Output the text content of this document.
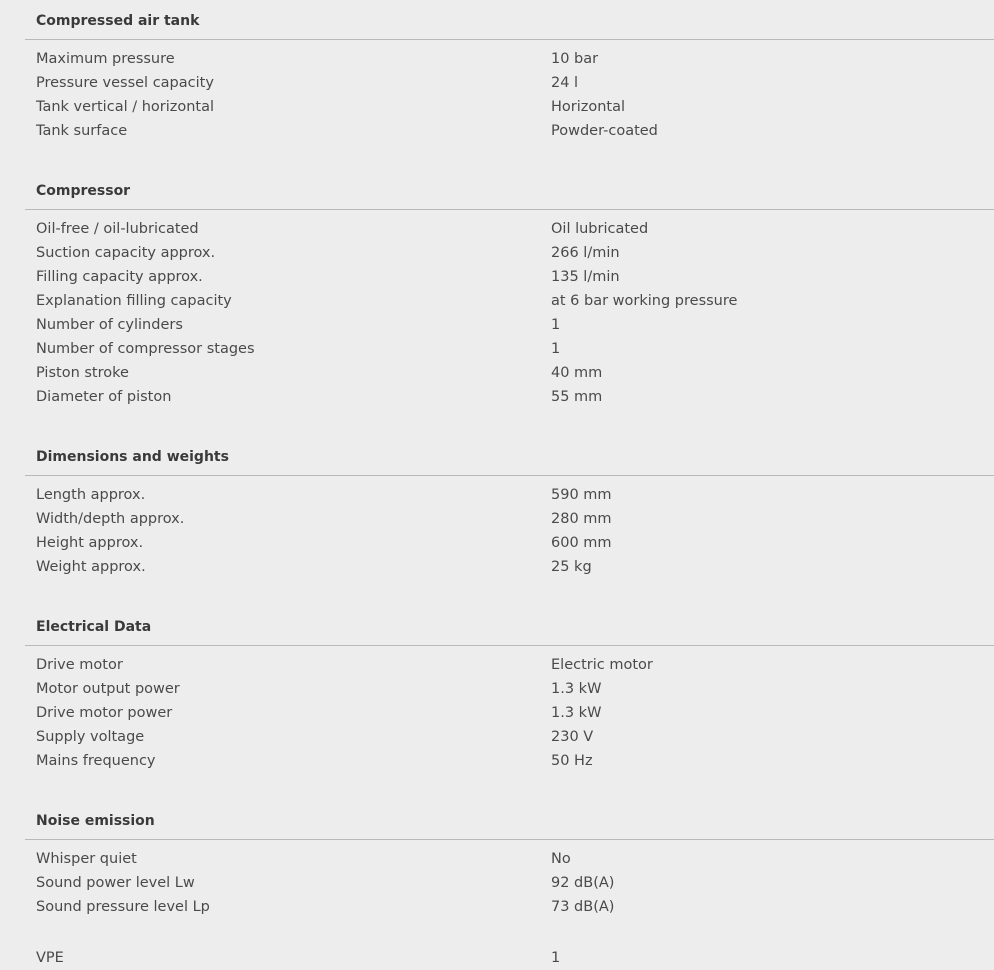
Compressed air tank
Maximum pressure	10 bar
Pressure vessel capacity	24 l
Tank vertical / horizontal	Horizontal
Tank surface	Powder-coated
Compressor
Oil-free / oil-lubricated	Oil lubricated
Suction capacity approx.	266 l/min
Filling capacity approx.	135 l/min
Explanation filling capacity	at 6 bar working pressure
Number of cylinders	1
Number of compressor stages	1
Piston stroke	40 mm
Diameter of piston	55 mm
Dimensions and weights
Length approx.	590 mm
Width/depth approx.	280 mm
Height approx.	600 mm
Weight approx.	25 kg
Electrical Data
Drive motor	Electric motor
Motor output power	1.3 kW
Drive motor power	1.3 kW
Supply voltage	230 V
Mains frequency	50 Hz
Noise emission
Whisper quiet	No
Sound power level Lw	92 dB(A)
Sound pressure level Lp	73 dB(A)
VPE	1
